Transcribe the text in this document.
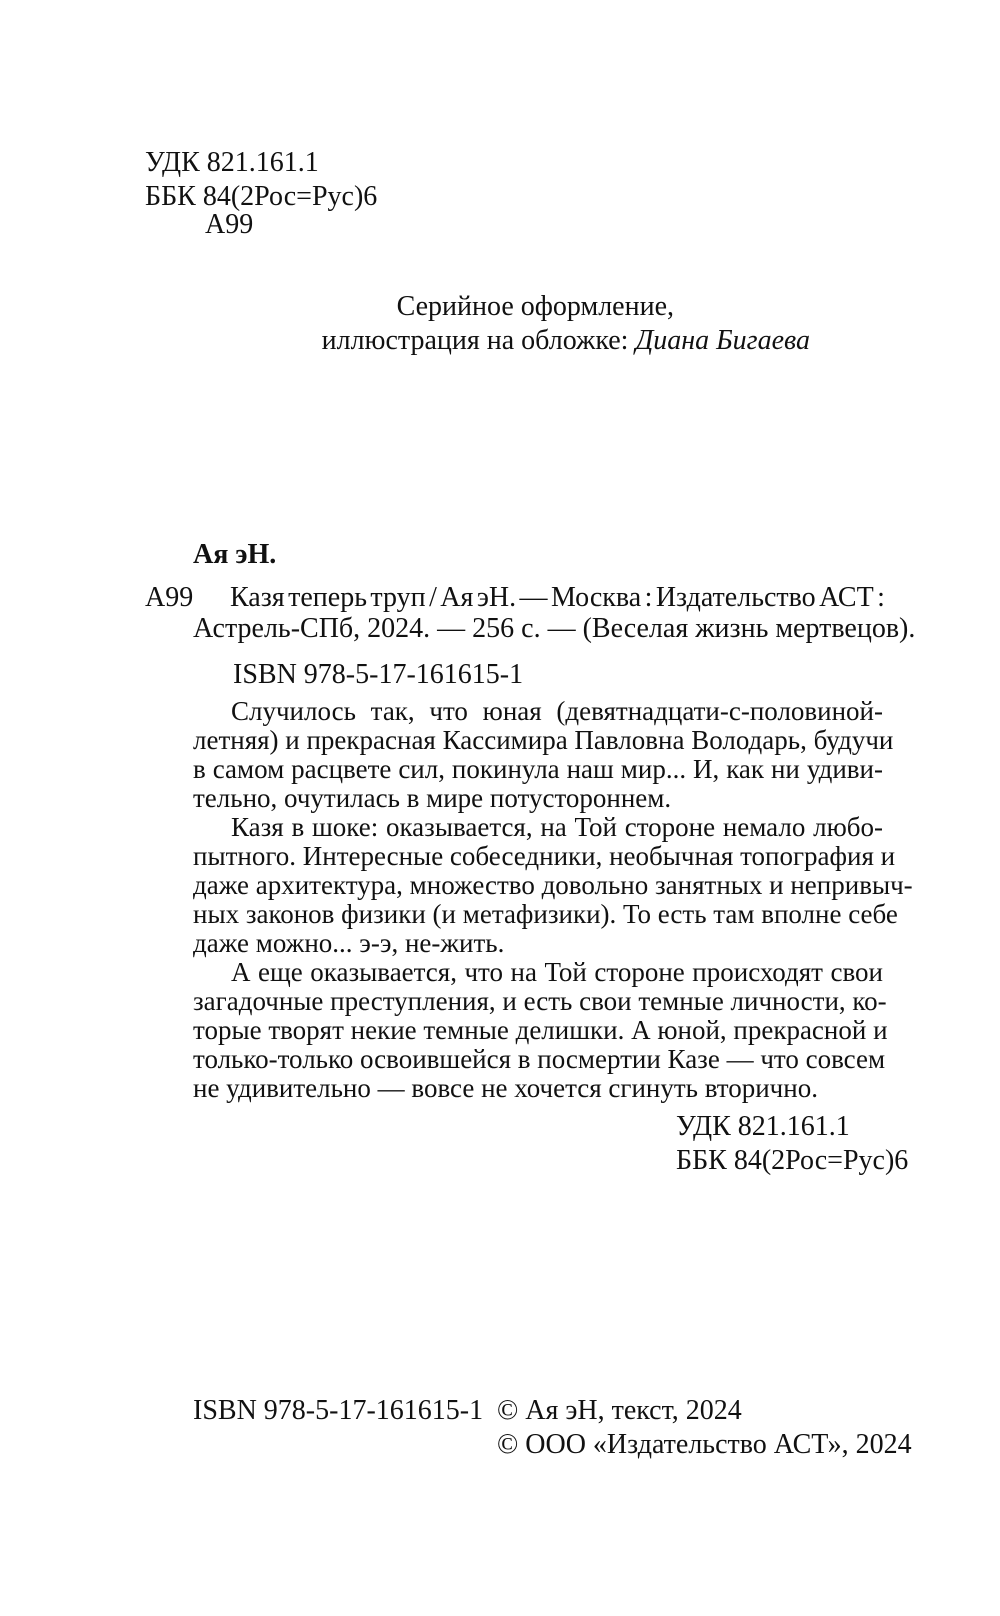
УДК 821.161.1
ББК 84(2Рос=Рус)6
А99
Серийное оформление,
иллюстрация на обложке: Диана Бигаева
Ая эН.
А99 Казя теперь труп / Ая эН. — Москва : Издательство АСТ :
Астрель-СПб, 2024. — 256 с. — (Веселая жизнь мертвецов).
ISBN 978-5-17-161615-1
Случилось так, что юная (девятнадцати-с-половиной-
летняя) и прекрасная Кассимира Павловна Володарь, будучи
в самом расцвете сил, покинула наш мир... И, как ни удиви-
тельно, очутилась в мире потустороннем.
Казя в шоке: оказывается, на Той стороне немало любо-
пытного. Интересные собеседники, необычная топография и
даже архитектура, множество довольно занятных и непривыч-
ных законов физики (и метафизики). То есть там вполне себе
даже можно... э-э, не-жить.
А еще оказывается, что на Той стороне происходят свои
загадочные преступления, и есть свои темные личности, ко-
торые творят некие темные делишки. А юной, прекрасной и
только-только освоившейся в посмертии Казе — что совсем
не удивительно — вовсе не хочется сгинуть вторично.
УДК 821.161.1
ББК 84(2Рос=Рус)6
ISBN 978-5-17-161615-1 © Ая эН, текст, 2024
© ООО «Издательство АСТ», 2024
